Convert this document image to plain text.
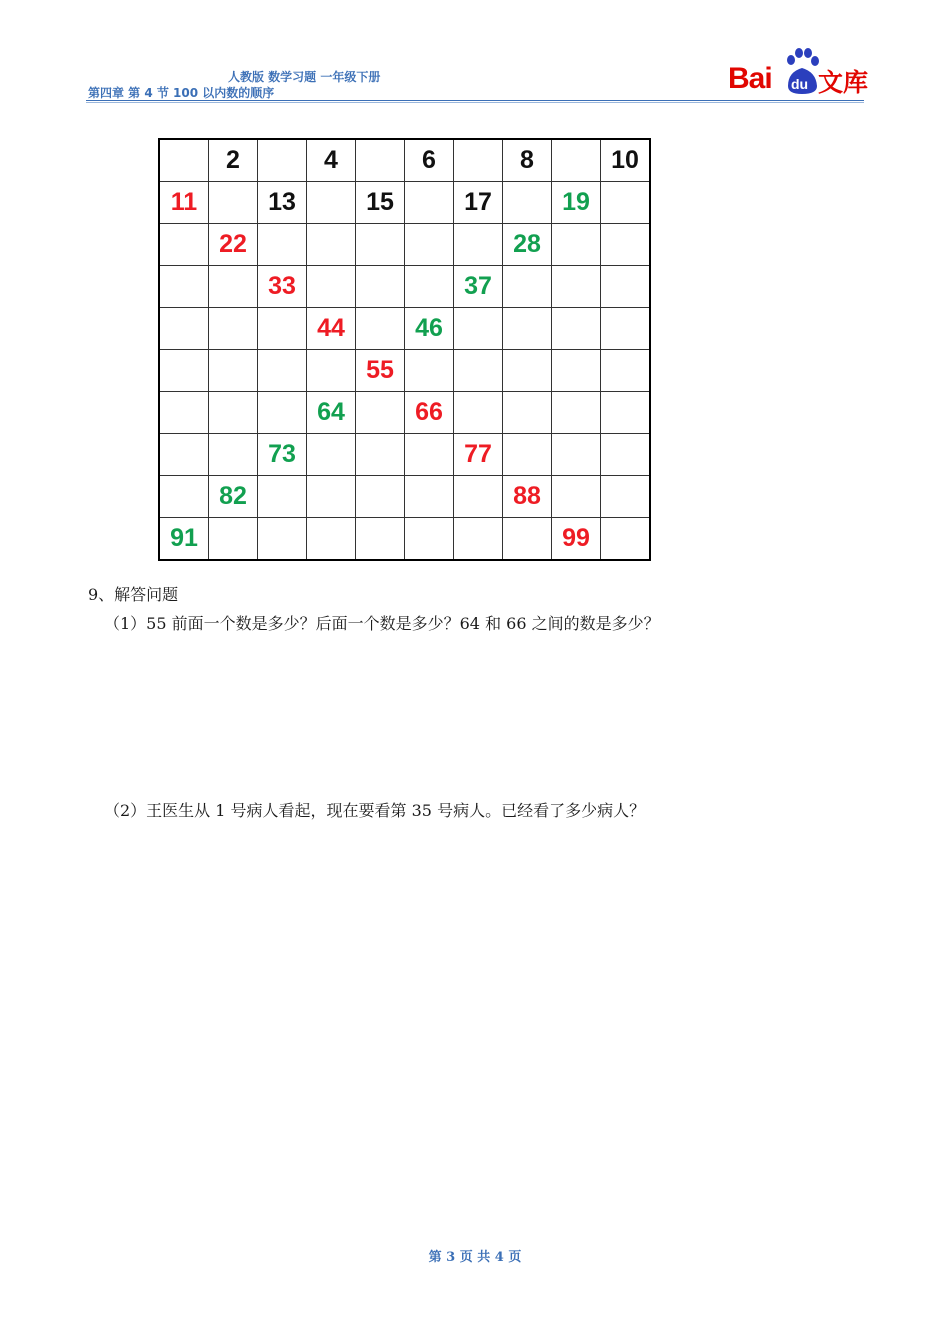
人教版 数学习题 一年级下册
第四章 第 4 节 100 以内数的顺序	Bai du 文库
	2		4		6		8		10
11		13		15		17		19	
	22						28		
		33				37			
			44		46				
				55					
			64		66				
		73				77			
	82						88		
91								99	
9、解答问题
（1）55 前面一个数是多少？后面一个数是多少？64 和 66 之间的数是多少？
（2）王医生从 1 号病人看起，现在要看第 35 号病人。已经看了多少病人？
第 3 页 共 4 页
